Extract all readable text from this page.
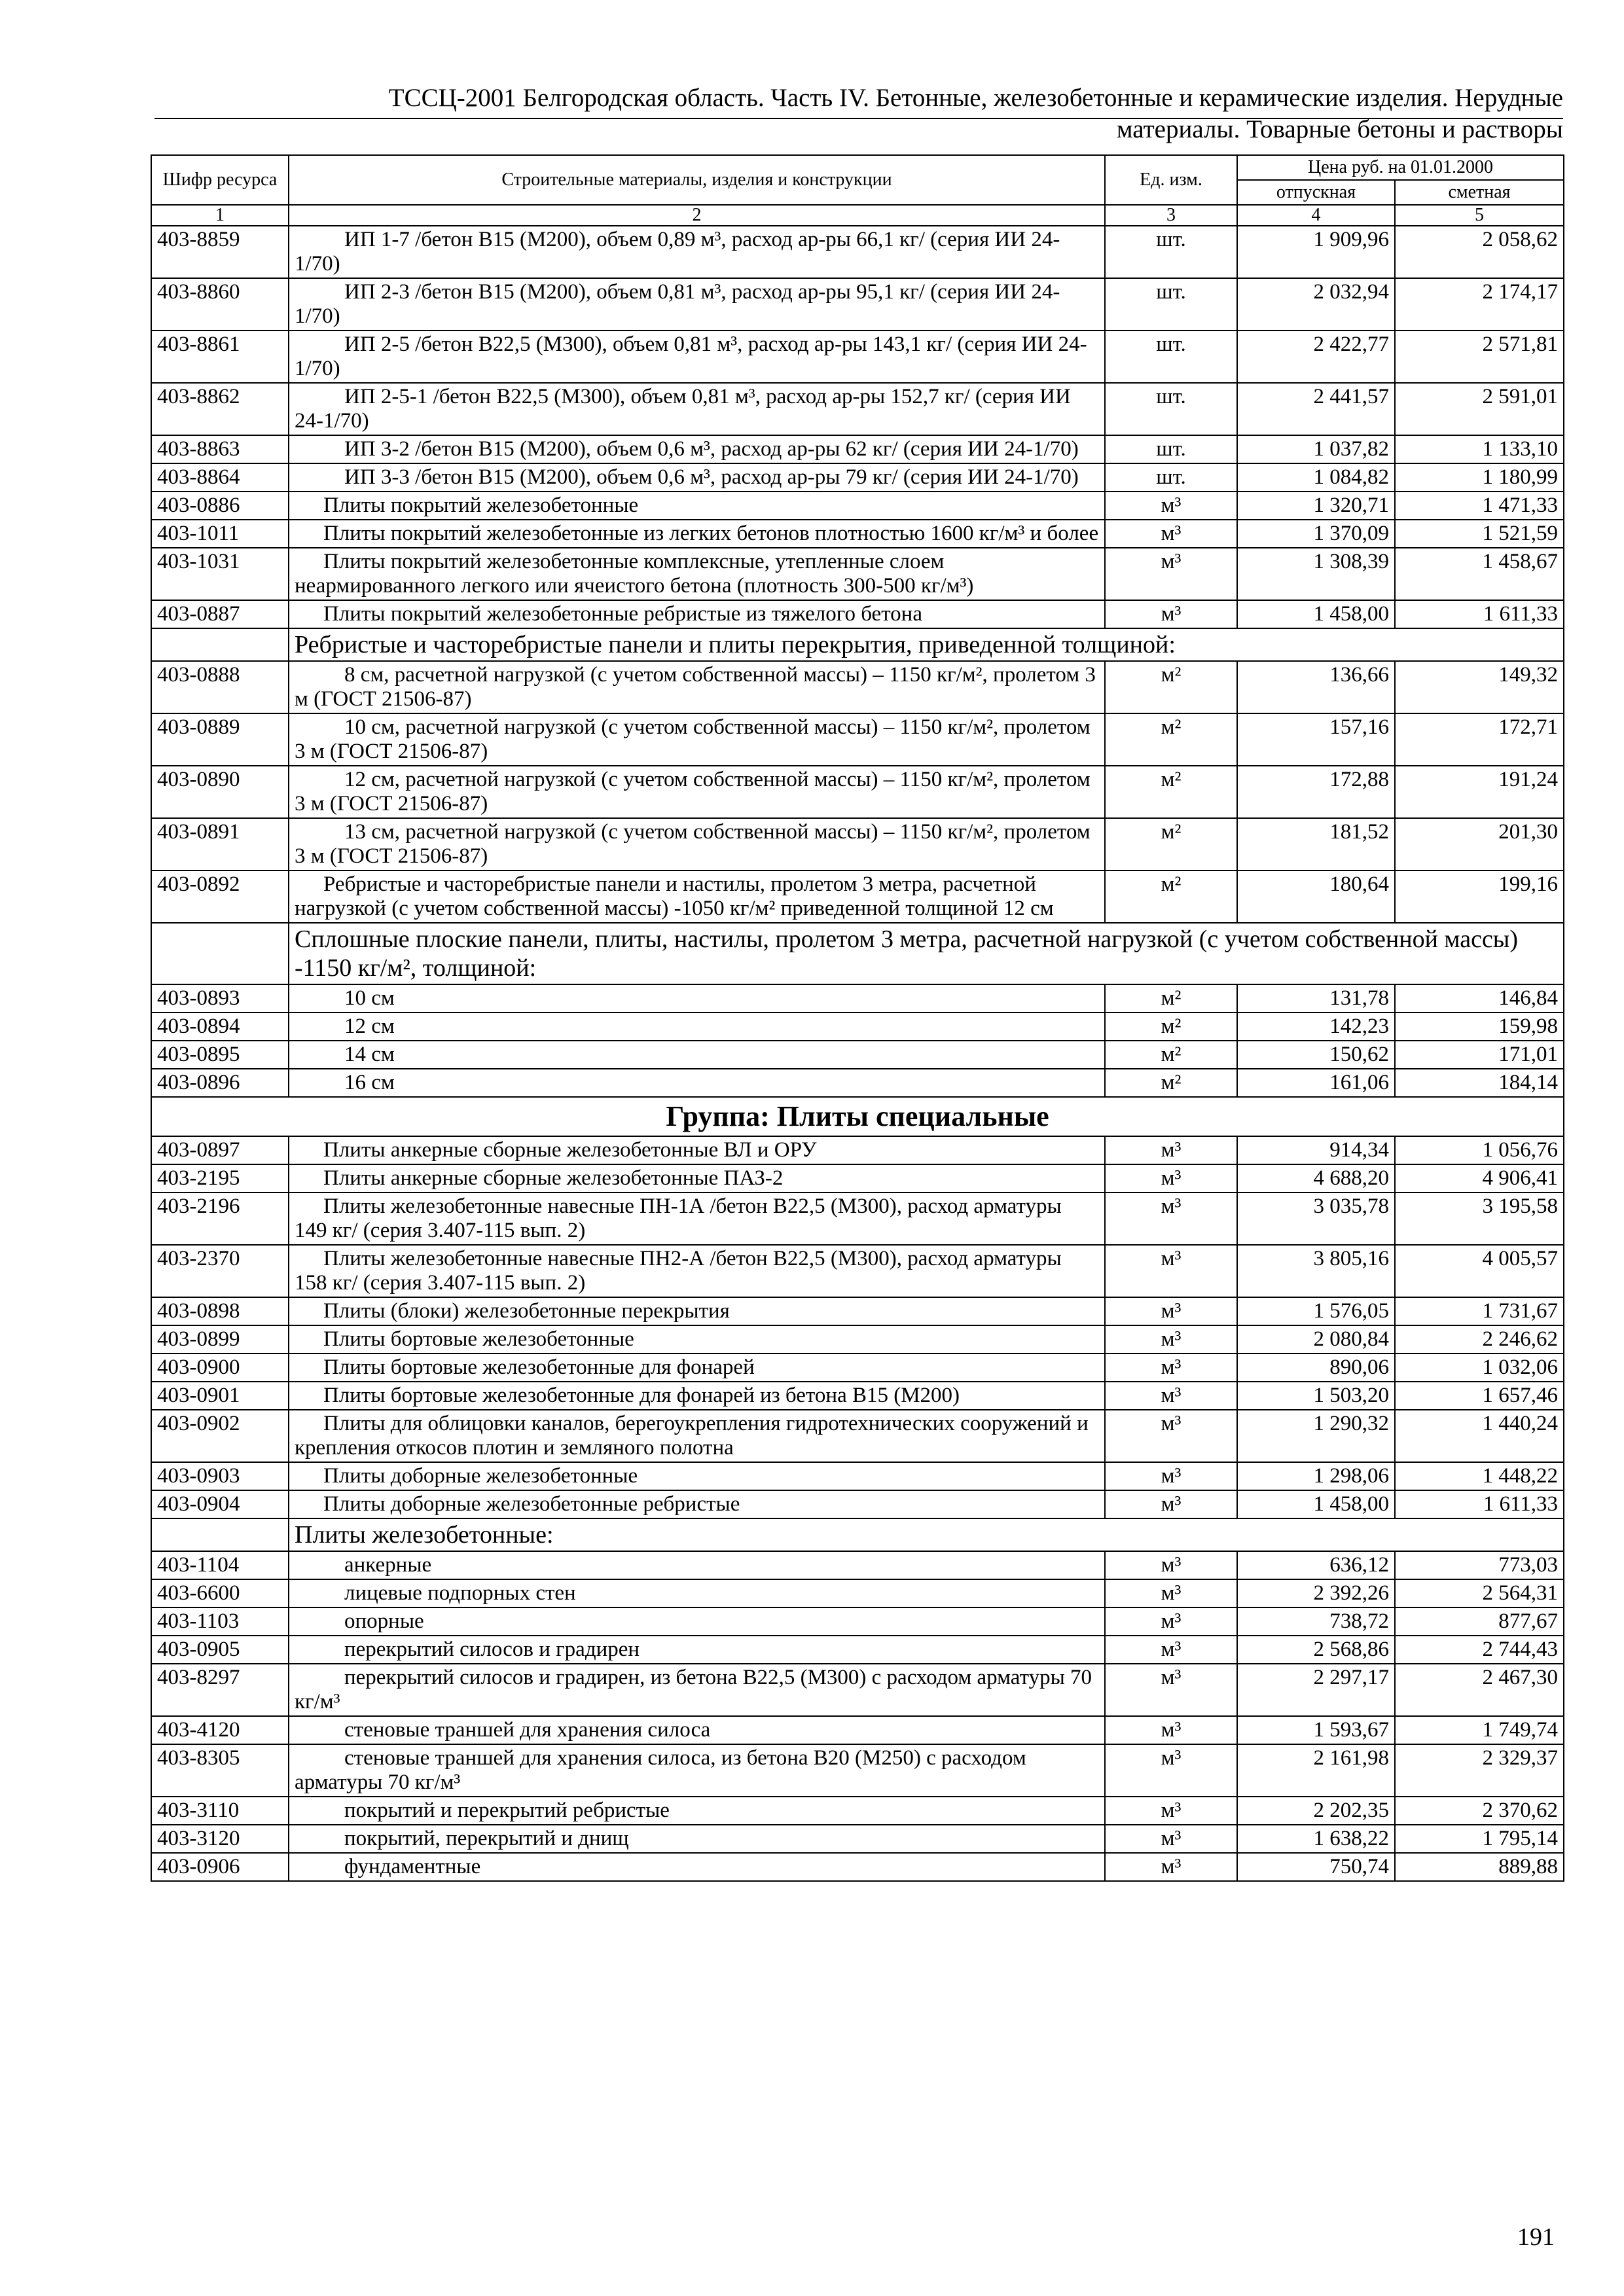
ТССЦ-2001 Белгородская область. Часть IV. Бетонные, железобетонные и керамические изделия. Нерудные
материалы. Товарные бетоны и растворы
Шифр ресурса	Строительные материалы, изделия и конструкции	Ед. изм.	Цена руб. на 01.01.2000	
			отпускная	сметная
1	2	3	4	5
403-8859	ИП 1-7 /бетон В15 (М200), объем 0,89 м³, расход ар-ры 66,1 кг/ (серия ИИ 24-1/70)	шт.	1 909,96	2 058,62
403-8860	ИП 2-3 /бетон В15 (М200), объем 0,81 м³, расход ар-ры 95,1 кг/ (серия ИИ 24-1/70)	шт.	2 032,94	2 174,17
403-8861	ИП 2-5 /бетон В22,5 (М300), объем 0,81 м³, расход ар-ры 143,1 кг/ (серия ИИ 24-1/70)	шт.	2 422,77	2 571,81
403-8862	ИП 2-5-1 /бетон В22,5 (М300), объем 0,81 м³, расход ар-ры 152,7 кг/ (серия ИИ 24-1/70)	шт.	2 441,57	2 591,01
403-8863	ИП 3-2 /бетон В15 (М200), объем 0,6 м³, расход ар-ры 62 кг/ (серия ИИ 24-1/70)	шт.	1 037,82	1 133,10
403-8864	ИП 3-3 /бетон В15 (М200), объем 0,6 м³, расход ар-ры 79 кг/ (серия ИИ 24-1/70)	шт.	1 084,82	1 180,99
403-0886	Плиты покрытий железобетонные	м³	1 320,71	1 471,33
403-1011	Плиты покрытий железобетонные из легких бетонов плотностью 1600 кг/м³ и более	м³	1 370,09	1 521,59
403-1031	Плиты покрытий железобетонные комплексные, утепленные слоем неармированного легкого или ячеистого бетона (плотность 300-500 кг/м³)	м³	1 308,39	1 458,67
403-0887	Плиты покрытий железобетонные ребристые из тяжелого бетона	м³	1 458,00	1 611,33
	Ребристые и часторебристые панели и плиты перекрытия, приведенной толщиной:			
403-0888	8 см, расчетной нагрузкой (с учетом собственной массы) – 1150 кг/м², пролетом 3 м (ГОСТ 21506-87)	м²	136,66	149,32
403-0889	10 см, расчетной нагрузкой (с учетом собственной массы) – 1150 кг/м², пролетом 3 м (ГОСТ 21506-87)	м²	157,16	172,71
403-0890	12 см, расчетной нагрузкой (с учетом собственной массы) – 1150 кг/м², пролетом 3 м (ГОСТ 21506-87)	м²	172,88	191,24
403-0891	13 см, расчетной нагрузкой (с учетом собственной массы) – 1150 кг/м², пролетом 3 м (ГОСТ 21506-87)	м²	181,52	201,30
403-0892	Ребристые и часторебристые панели и настилы, пролетом 3 метра, расчетной нагрузкой (с учетом собственной массы) -1050 кг/м² приведенной толщиной 12 см	м²	180,64	199,16
	Сплошные плоские панели, плиты, настилы, пролетом 3 метра, расчетной нагрузкой (с учетом собственной массы) -1150 кг/м², толщиной:			
403-0893	10 см	м²	131,78	146,84
403-0894	12 см	м²	142,23	159,98
403-0895	14 см	м²	150,62	171,01
403-0896	16 см	м²	161,06	184,14
Группа: Плиты специальные				
403-0897	Плиты анкерные сборные железобетонные ВЛ и ОРУ	м³	914,34	1 056,76
403-2195	Плиты анкерные сборные железобетонные ПАЗ-2	м³	4 688,20	4 906,41
403-2196	Плиты железобетонные навесные ПН-1А /бетон В22,5 (М300), расход арматуры 149 кг/ (серия 3.407-115 вып. 2)	м³	3 035,78	3 195,58
403-2370	Плиты железобетонные навесные ПН2-А /бетон В22,5 (М300), расход арматуры 158 кг/ (серия 3.407-115 вып. 2)	м³	3 805,16	4 005,57
403-0898	Плиты (блоки) железобетонные перекрытия	м³	1 576,05	1 731,67
403-0899	Плиты бортовые железобетонные	м³	2 080,84	2 246,62
403-0900	Плиты бортовые железобетонные для фонарей	м³	890,06	1 032,06
403-0901	Плиты бортовые железобетонные для фонарей из бетона В15 (М200)	м³	1 503,20	1 657,46
403-0902	Плиты для облицовки каналов, берегоукрепления гидротехнических сооружений и крепления откосов плотин и земляного полотна	м³	1 290,32	1 440,24
403-0903	Плиты доборные железобетонные	м³	1 298,06	1 448,22
403-0904	Плиты доборные железобетонные ребристые	м³	1 458,00	1 611,33
	Плиты железобетонные:			
403-1104	анкерные	м³	636,12	773,03
403-6600	лицевые подпорных стен	м³	2 392,26	2 564,31
403-1103	опорные	м³	738,72	877,67
403-0905	перекрытий силосов и градирен	м³	2 568,86	2 744,43
403-8297	перекрытий силосов и градирен, из бетона В22,5 (М300) с расходом арматуры 70 кг/м³	м³	2 297,17	2 467,30
403-4120	стеновые траншей для хранения силоса	м³	1 593,67	1 749,74
403-8305	стеновые траншей для хранения силоса, из бетона В20 (М250) с расходом арматуры 70 кг/м³	м³	2 161,98	2 329,37
403-3110	покрытий и перекрытий ребристые	м³	2 202,35	2 370,62
403-3120	покрытий, перекрытий и днищ	м³	1 638,22	1 795,14
403-0906	фундаментные	м³	750,74	889,88
191
